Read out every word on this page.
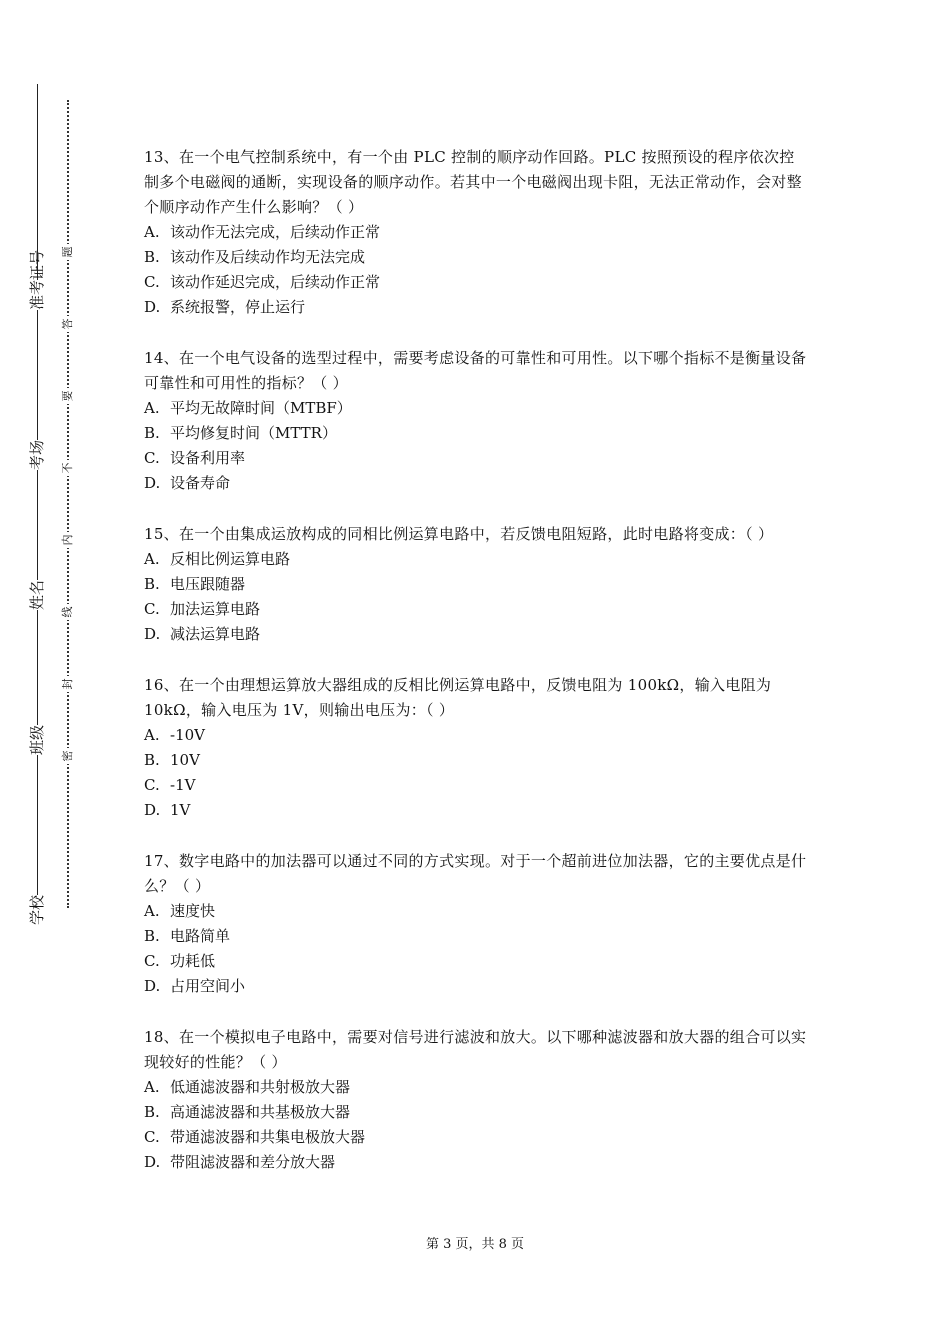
准考证号
考场
姓名
班级
学校
题
答
要
不
内
线
封
密
13、在一个电气控制系统中，有一个由 PLC 控制的顺序动作回路。PLC 按照预设的程序依次控制多个电磁阀的通断，实现设备的顺序动作。若其中一个电磁阀出现卡阻，无法正常动作，会对整个顺序动作产生什么影响？（ ）
A. 该动作无法完成，后续动作正常
B. 该动作及后续动作均无法完成
C. 该动作延迟完成，后续动作正常
D. 系统报警，停止运行
14、在一个电气设备的选型过程中，需要考虑设备的可靠性和可用性。以下哪个指标不是衡量设备可靠性和可用性的指标？（ ）
A. 平均无故障时间（MTBF）
B. 平均修复时间（MTTR）
C. 设备利用率
D. 设备寿命
15、在一个由集成运放构成的同相比例运算电路中，若反馈电阻短路，此时电路将变成：（ ）
A. 反相比例运算电路
B. 电压跟随器
C. 加法运算电路
D. 减法运算电路
16、在一个由理想运算放大器组成的反相比例运算电路中，反馈电阻为 100kΩ，输入电阻为 10kΩ，输入电压为 1V，则输出电压为：（ ）
A. -10V
B. 10V
C. -1V
D. 1V
17、数字电路中的加法器可以通过不同的方式实现。对于一个超前进位加法器，它的主要优点是什么？（ ）
A. 速度快
B. 电路简单
C. 功耗低
D. 占用空间小
18、在一个模拟电子电路中，需要对信号进行滤波和放大。以下哪种滤波器和放大器的组合可以实现较好的性能？（ ）
A. 低通滤波器和共射极放大器
B. 高通滤波器和共基极放大器
C. 带通滤波器和共集电极放大器
D. 带阻滤波器和差分放大器
第 3 页，共 8 页
